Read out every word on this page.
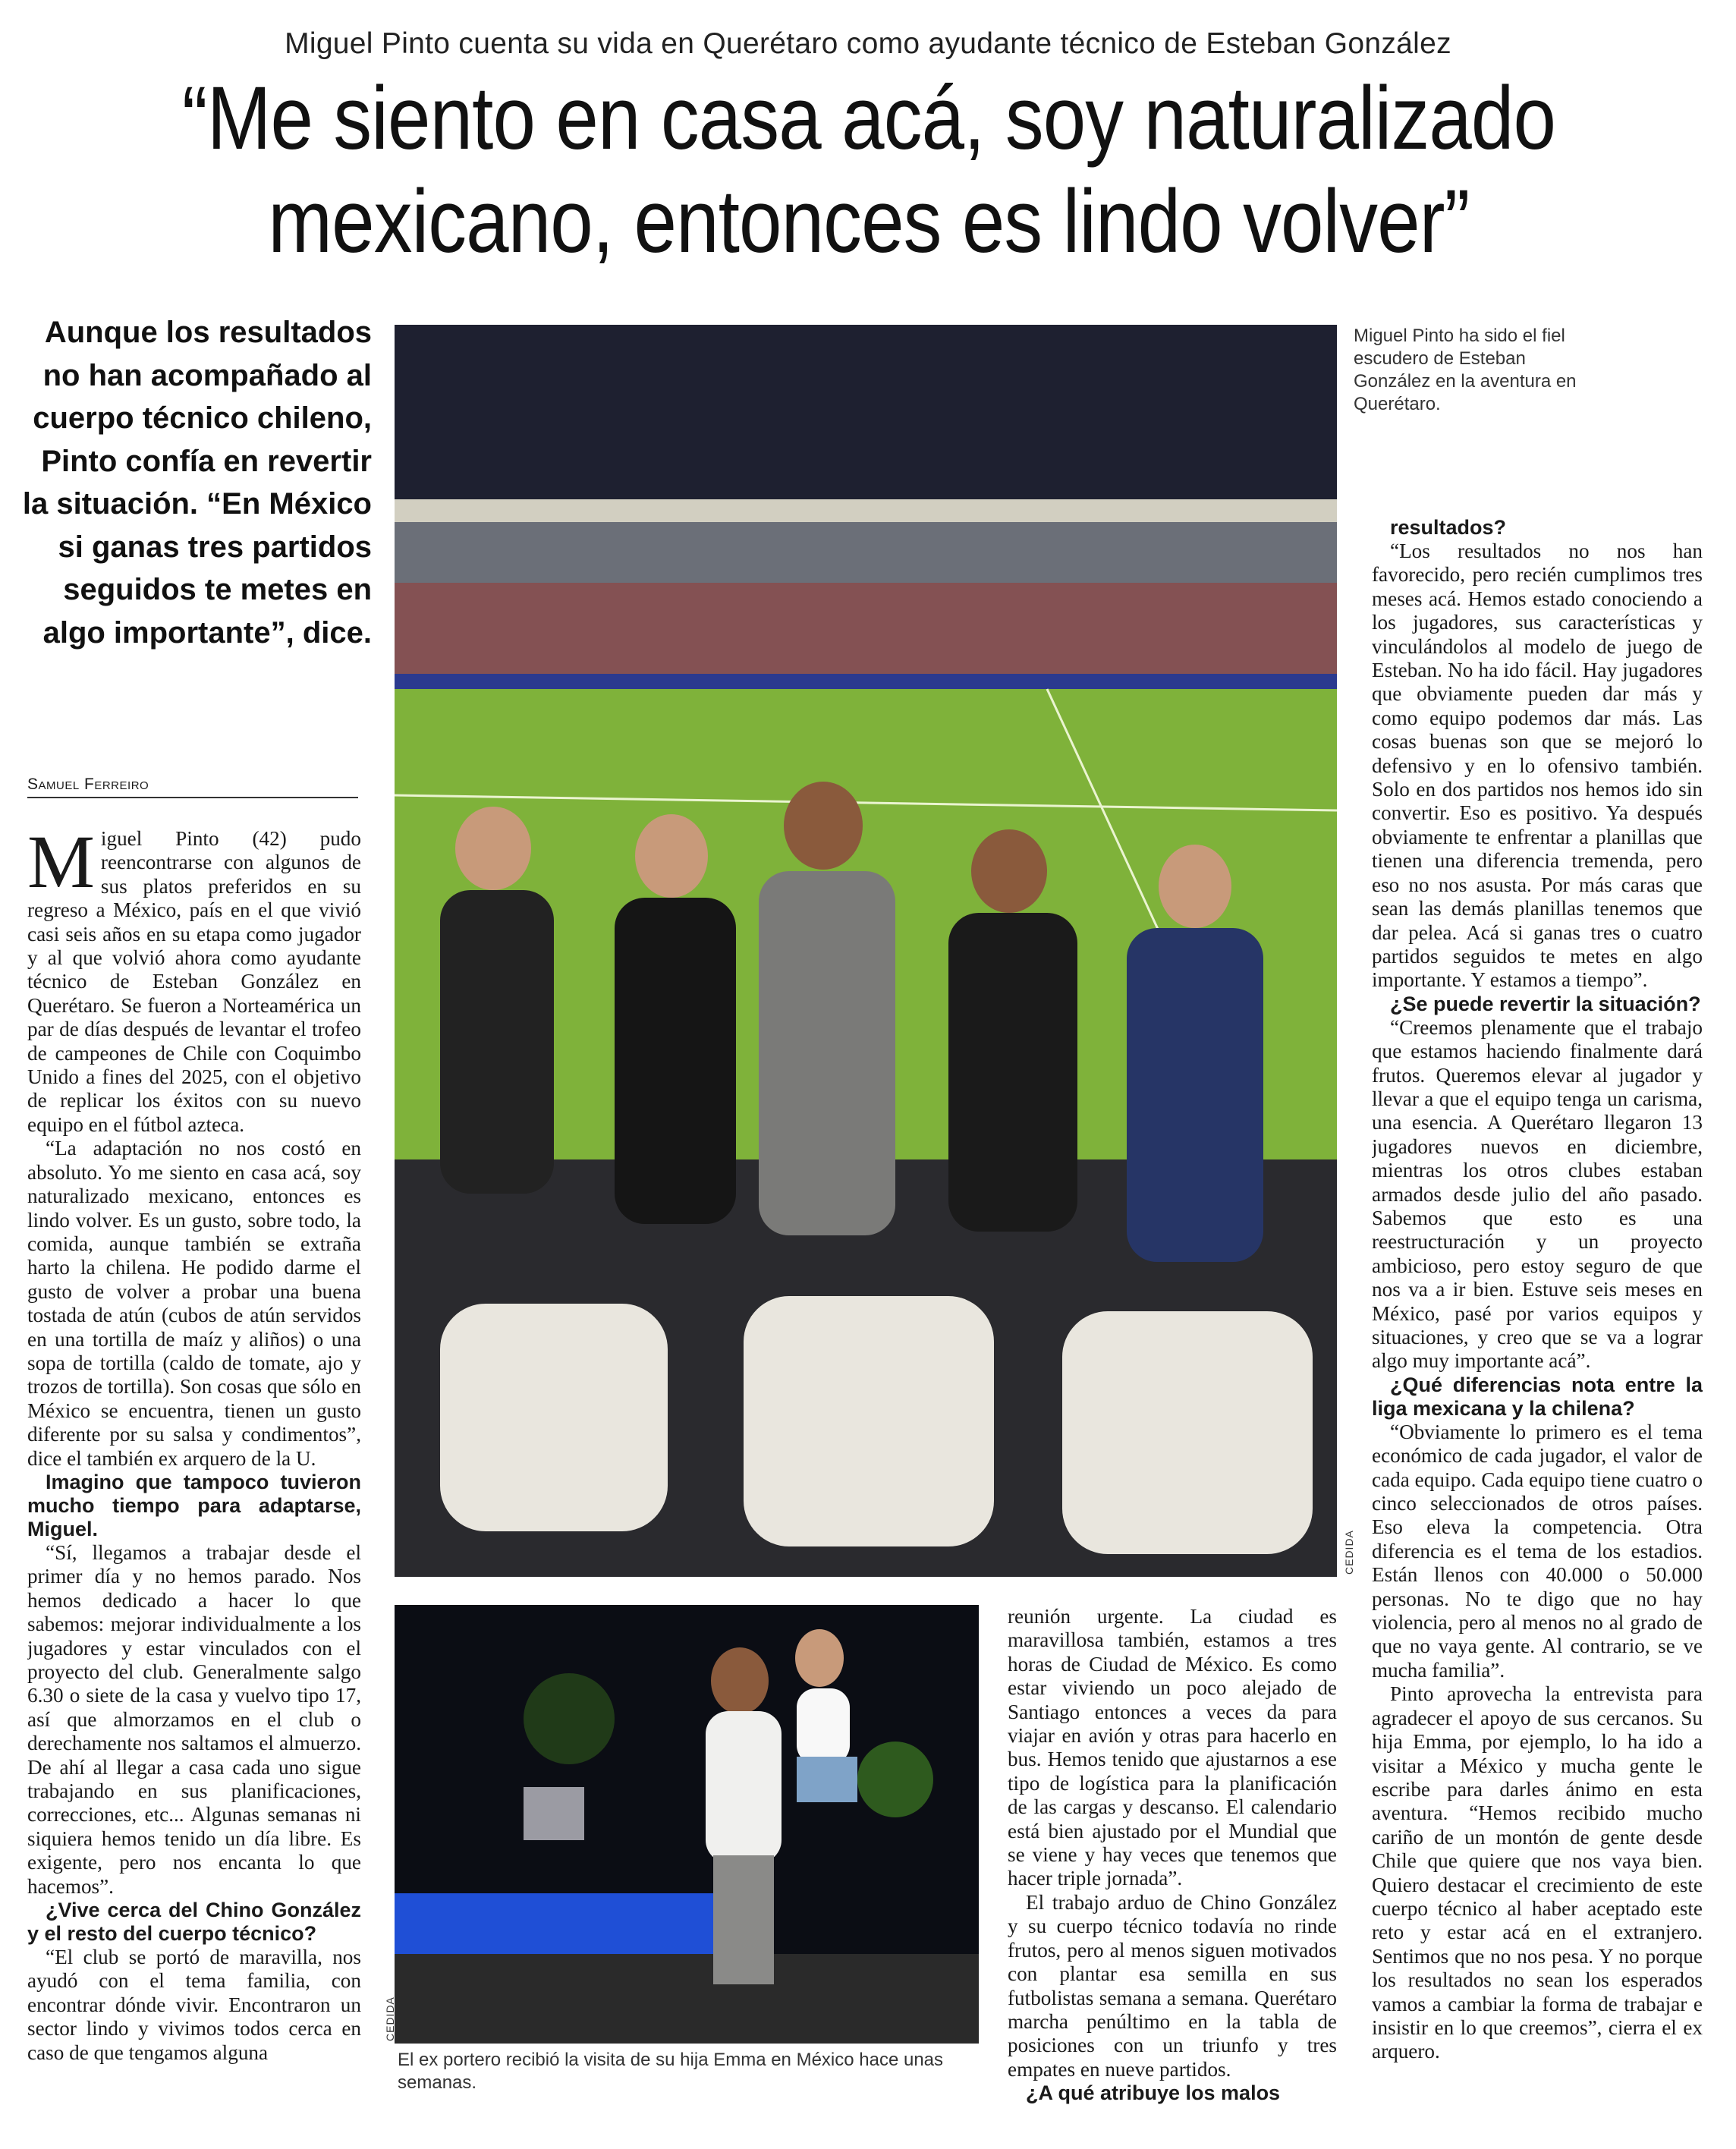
Miguel Pinto cuenta su vida en Querétaro como ayudante técnico de Esteban González
“Me siento en casa acá, soy naturalizado mexicano, entonces es lindo volver”
Aunque los resultados no han acompañado al cuerpo técnico chileno, Pinto confía en revertir la situación. “En México si ganas tres partidos seguidos te metes en algo importante”, dice.
Samuel Ferreiro

Miguel Pinto (42) pudo reencontrarse con algunos de sus platos preferidos en su regreso a México, país en el que vivió casi seis años en su etapa como jugador y al que volvió ahora como ayudante técnico de Esteban González en Querétaro. Se fueron a Norteamérica un par de días después de levantar el trofeo de campeones de Chile con Coquimbo Unido a fines del 2025, con el objetivo de replicar los éxitos con su nuevo equipo en el fútbol azteca.

“La adaptación no nos costó en absoluto. Yo me siento en casa acá, soy naturalizado mexicano, entonces es lindo volver. Es un gusto, sobre todo, la comida, aunque también se extraña harto la chilena. He podido darme el gusto de volver a probar una buena tostada de atún (cubos de atún servidos en una tortilla de maíz y aliños) o una sopa de tortilla (caldo de tomate, ajo y trozos de tortilla). Son cosas que sólo en México se encuentra, tienen un gusto diferente por su salsa y condimentos”, dice el también ex arquero de la U.

Imagino que tampoco tuvieron mucho tiempo para adaptarse, Miguel.

“Sí, llegamos a trabajar desde el primer día y no hemos parado. Nos hemos dedicado a hacer lo que sabemos: mejorar individualmente a los jugadores y estar vinculados con el proyecto del club. Generalmente salgo 6.30 o siete de la casa y vuelvo tipo 17, así que almorzamos en el club o derechamente nos saltamos el almuerzo. De ahí al llegar a casa cada uno sigue trabajando en sus planificaciones, correcciones, etc... Algunas semanas ni siquiera hemos tenido un día libre. Es exigente, pero nos encanta lo que hacemos”.

¿Vive cerca del Chino González y el resto del cuerpo técnico?

“El club se portó de maravilla, nos ayudó con el tema familia, con encontrar dónde vivir. Encontraron un sector lindo y vivimos todos cerca en caso de que tengamos alguna

Miguel Pinto ha sido el fiel escudero de Esteban González en la aventura en Querétaro.
CEDIDA
El ex portero recibió la visita de su hija Emma en México hace unas semanas.
CEDIDA

reunión urgente. La ciudad es maravillosa también, estamos a tres horas de Ciudad de México. Es como estar viviendo un poco alejado de Santiago entonces a veces da para viajar en avión y otras para hacerlo en bus. Hemos tenido que ajustarnos a ese tipo de logística para la planificación de las cargas y descanso. El calendario está bien ajustado por el Mundial que se viene y hay veces que tenemos que hacer triple jornada”.

El trabajo arduo de Chino González y su cuerpo técnico todavía no rinde frutos, pero al menos siguen motivados con plantar esa semilla en sus futbolistas semana a semana. Querétaro marcha penúltimo en la tabla de posiciones con un triunfo y tres empates en nueve partidos.

¿A qué atribuye los malos

resultados?

“Los resultados no nos han favorecido, pero recién cumplimos tres meses acá. Hemos estado conociendo a los jugadores, sus características y vinculándolos al modelo de juego de Esteban. No ha ido fácil. Hay jugadores que obviamente pueden dar más y como equipo podemos dar más. Las cosas buenas son que se mejoró lo defensivo y en lo ofensivo también. Solo en dos partidos nos hemos ido sin convertir. Eso es positivo. Ya después obviamente te enfrentar a planillas que tienen una diferencia tremenda, pero eso no nos asusta. Por más caras que sean las demás planillas tenemos que dar pelea. Acá si ganas tres o cuatro partidos seguidos te metes en algo importante. Y estamos a tiempo”.

¿Se puede revertir la situación?

“Creemos plenamente que el trabajo que estamos haciendo finalmente dará frutos. Queremos elevar al jugador y llevar a que el equipo tenga un carisma, una esencia. A Querétaro llegaron 13 jugadores nuevos en diciembre, mientras los otros clubes estaban armados desde julio del año pasado. Sabemos que esto es una reestructuración y un proyecto ambicioso, pero estoy seguro de que nos va a ir bien. Estuve seis meses en México, pasé por varios equipos y situaciones, y creo que se va a lograr algo muy importante acá”.

¿Qué diferencias nota entre la liga mexicana y la chilena?

“Obviamente lo primero es el tema económico de cada jugador, el valor de cada equipo. Cada equipo tiene cuatro o cinco seleccionados de otros países. Eso eleva la competencia. Otra diferencia es el tema de los estadios. Están llenos con 40.000 o 50.000 personas. No te digo que no hay violencia, pero al menos no al grado de que no vaya gente. Al contrario, se ve mucha familia”.

Pinto aprovecha la entrevista para agradecer el apoyo de sus cercanos. Su hija Emma, por ejemplo, lo ha ido a visitar a México y mucha gente le escribe para darles ánimo en esta aventura. “Hemos recibido mucho cariño de un montón de gente desde Chile que quiere que nos vaya bien. Quiero destacar el crecimiento de este cuerpo técnico al haber aceptado este reto y estar acá en el extranjero. Sentimos que no nos pesa. Y no porque los resultados no sean los esperados vamos a cambiar la forma de trabajar e insistir en lo que creemos”, cierra el ex arquero.
